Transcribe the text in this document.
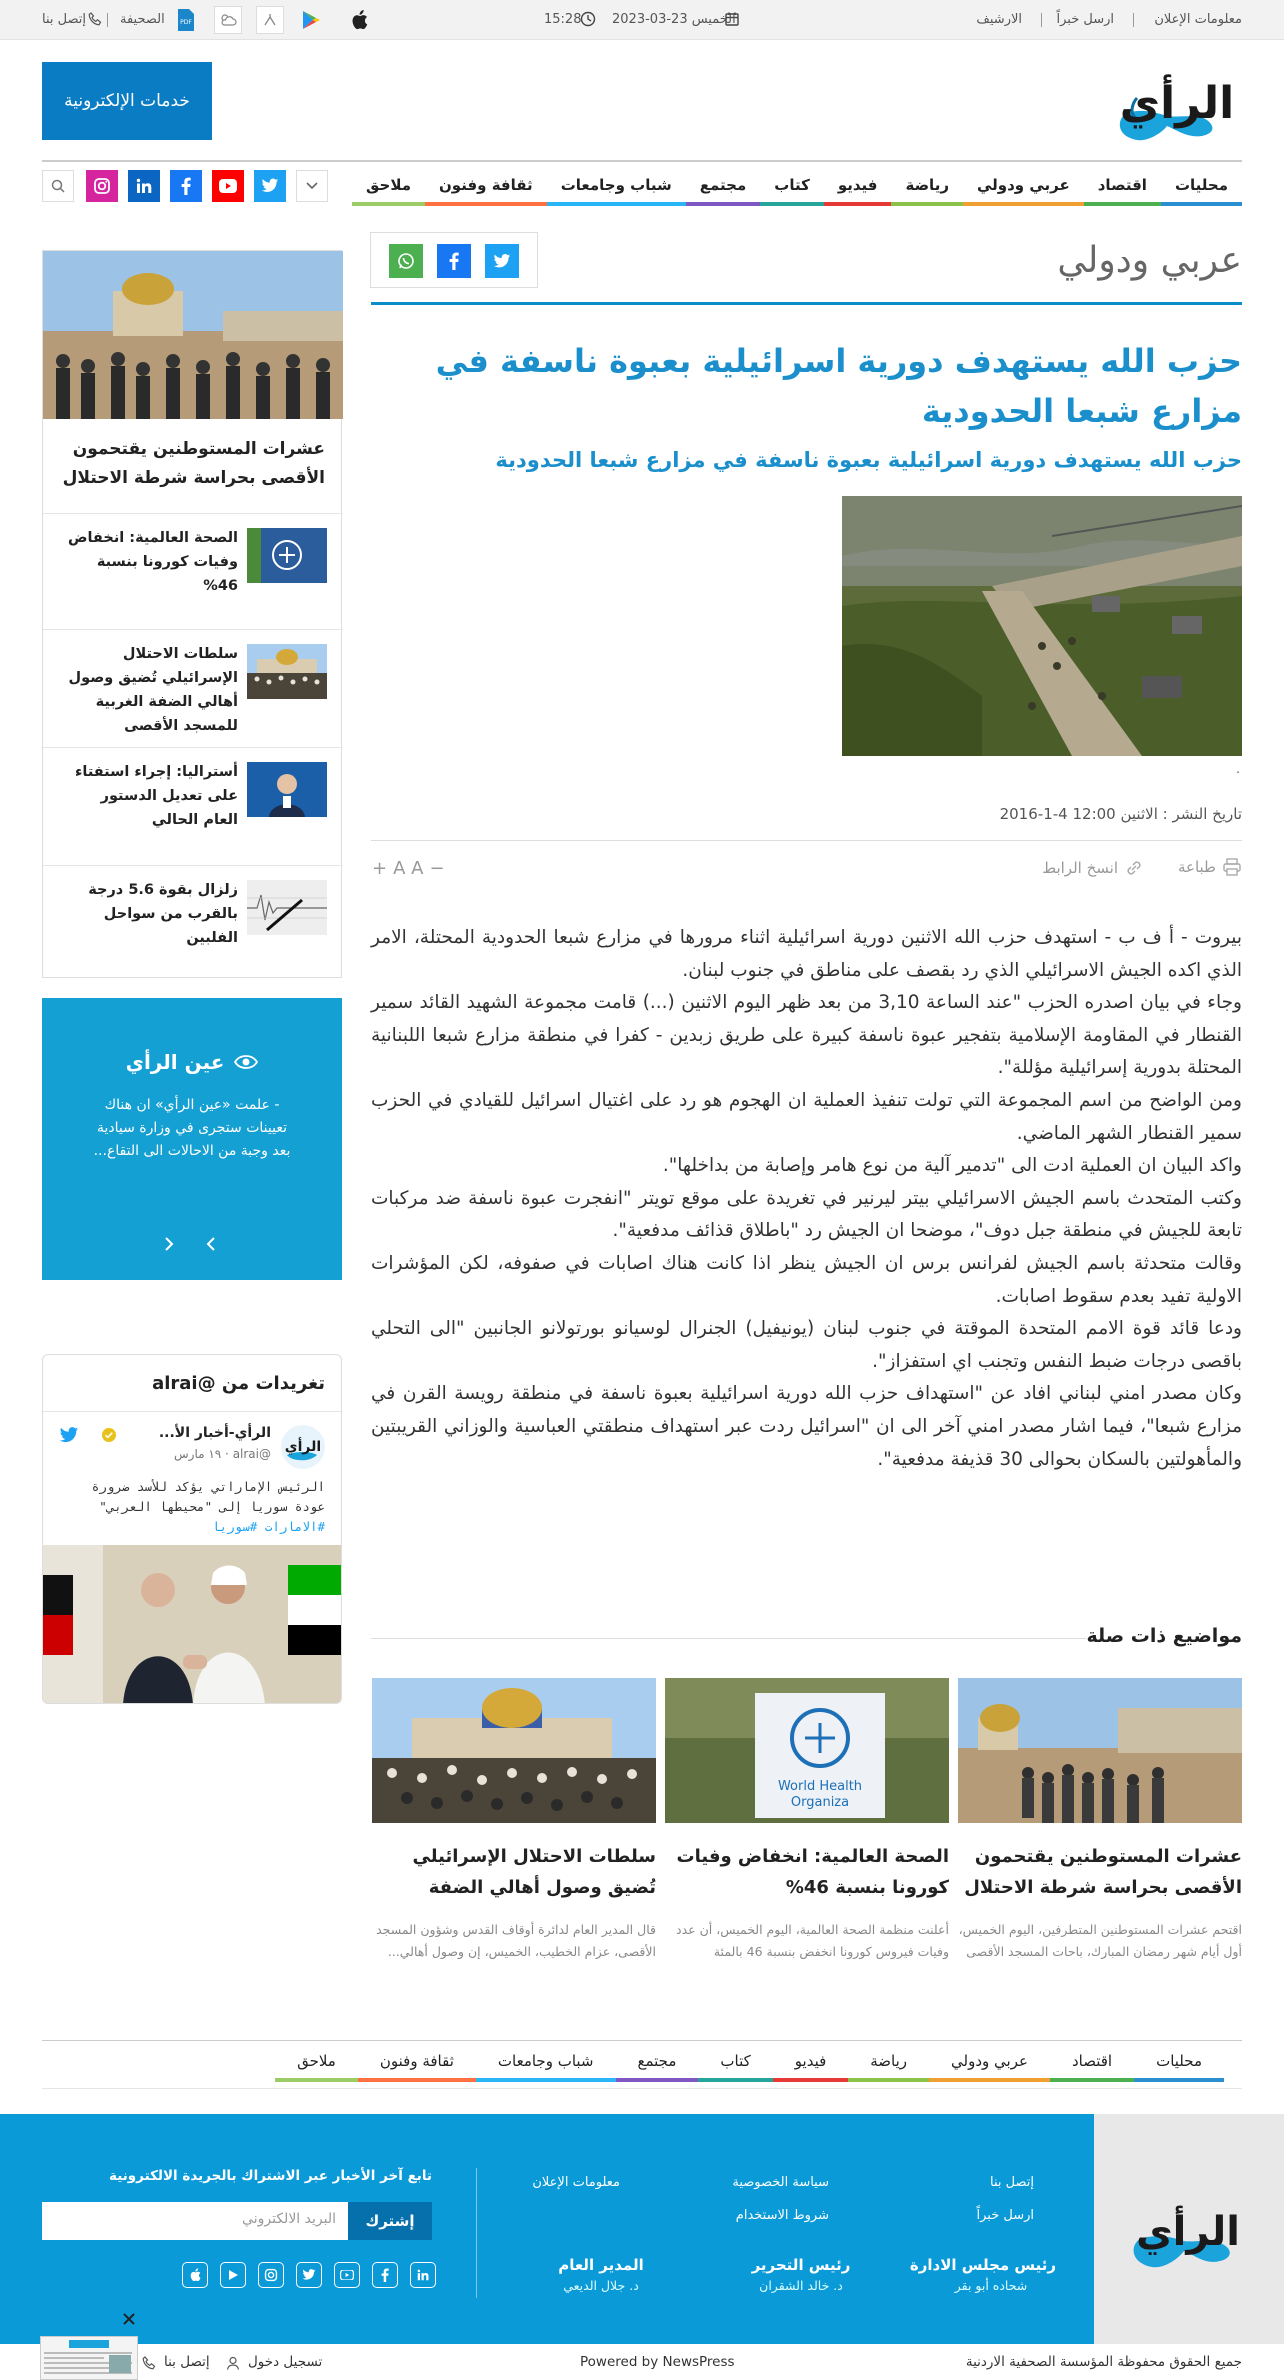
معلومات الإعلان
ارسل خبراً
الارشيف
الخميس 23-03-2023
15:28
PDF
الصحيفة
إتصل بنا
الرأي
خدمات الإلكترونية
محليات
اقتصاد
عربي ودولي
رياضة
فيديو
كتاب
مجتمع
شباب وجامعات
ثقافة وفنون
ملاحق
عربي ودولي
حزب الله يستهدف دورية اسرائيلية بعبوة ناسفة في مزارع شبعا الحدودية
حزب الله يستهدف دورية اسرائيلية بعبوة ناسفة في مزارع شبعا الحدودية
.
تاريخ النشر : الاثنين 12:00 4-1-2016
طباعة
انسخ الرابط
−
A A
+

بيروت - أ ف ب - استهدف حزب الله الاثنين دورية اسرائيلية اثناء مرورها في مزارع شبعا الحدودية المحتلة، الامر الذي اكده الجيش الاسرائيلي الذي رد بقصف على مناطق في جنوب لبنان.

وجاء في بيان اصدره الحزب "عند الساعة 3,10 من بعد ظهر اليوم الاثنين (...) قامت مجموعة الشهيد القائد سمير القنطار في المقاومة الإسلامية بتفجير عبوة ناسفة كبيرة على طريق زبدين - كفرا في منطقة مزارع شبعا اللبنانية المحتلة بدورية إسرائيلية مؤللة".

ومن الواضح من اسم المجموعة التي تولت تنفيذ العملية ان الهجوم هو رد على اغتيال اسرائيل للقيادي في الحزب سمير القنطار الشهر الماضي.

واكد البيان ان العملية ادت الى "تدمير آلية من نوع هامر وإصابة من بداخلها".

وكتب المتحدث باسم الجيش الاسرائيلي بيتر ليرنير في تغريدة على موقع تويتر "انفجرت عبوة ناسفة ضد مركبات تابعة للجيش في منطقة جبل دوف"، موضحا ان الجيش رد "باطلاق قذائف مدفعية".

وقالت متحدثة باسم الجيش لفرانس برس ان الجيش ينظر اذا كانت هناك اصابات في صفوفه، لكن المؤشرات الاولية تفيد بعدم سقوط اصابات.

ودعا قائد قوة الامم المتحدة الموقتة في جنوب لبنان (يونيفيل) الجنرال لوسيانو بورتولانو الجانبين "الى التحلي باقصى درجات ضبط النفس وتجنب اي استفزاز".

وكان مصدر امني لبناني افاد عن "استهداف حزب الله دورية اسرائيلية بعبوة ناسفة في منطقة رويسة القرن في مزارع شبعا"، فيما اشار مصدر امني آخر الى ان "اسرائيل ردت عبر استهداف منطقتي العباسية والوزاني القريبتين والمأهولتين بالسكان بحوالى 30 قذيفة مدفعية".

مواضيع ذات صلة
عشرات المستوطنين يقتحمون الأقصى بحراسة شرطة الاحتلال
اقتحم عشرات المستوطنين المتطرفين، اليوم الخميس، أول أيام شهر رمضان المبارك، باحات المسجد الأقصى
World Health
Organiza
الصحة العالمية: انخفاض وفيات كورونا بنسبة 46%
أعلنت منظمة الصحة العالمية، اليوم الخميس، أن عدد وفيات فيروس كورونا انخفض بنسبة 46 بالمئة
سلطات الاحتلال الإسرائيلي تُضيق وصول أهالي الضفة
قال المدير العام لدائرة أوقاف القدس وشؤون المسجد الأقصى، عزام الخطيب، الخميس، إن وصول أهالي...
عشرات المستوطنين يقتحمون الأقصى بحراسة شرطة الاحتلال
الصحة العالمية: انخفاض وفيات كورونا بنسبة 46%
سلطات الاحتلال الإسرائيلي تُضيق وصول أهالي الضفة الغربية للمسجد الأقصى
أستراليا: إجراء استفتاء على تعديل الدستور العام الحالي
زلزال بقوة 5.6 درجة بالقرب من سواحل الفلبين
عين الرأي
- علمت «عين الرأي» ان هناك تعيينات ستجرى في وزارة سيادية بعد وجبة من الاحالات الى التقاع...
تغريدات من @alrai
الرأي
الرأي-أخبار الأ...
@alrai · ١٩ مارس
الرئيس الإماراتي يؤكد للأسد ضرورة عودة سوريا إلى "محيطها العربي" #الامارات #سوريا
محليات
اقتصاد
عربي ودولي
رياضة
فيديو
كتاب
مجتمع
شباب وجامعات
ثقافة وفنون
ملاحق
الرأي
إتصل بنا
ارسل خبراً
سياسة الخصوصية
شروط الاستخدام
معلومات الإعلان
رئيس مجلس الادارة
شحاده أبو بقر
رئيس التحرير
د. خالد الشقران
المدير العام
د. جلال الديعي
تابع آخر الأخبار عبر الاشتراك بالجريدة الالكترونية
البريد الالكتروني	إشترك
جميع الحقوق محفوظة المؤسسة الصحفية الاردنية
Powered by NewsPress
تسجيل دخول
إتصل بنا
